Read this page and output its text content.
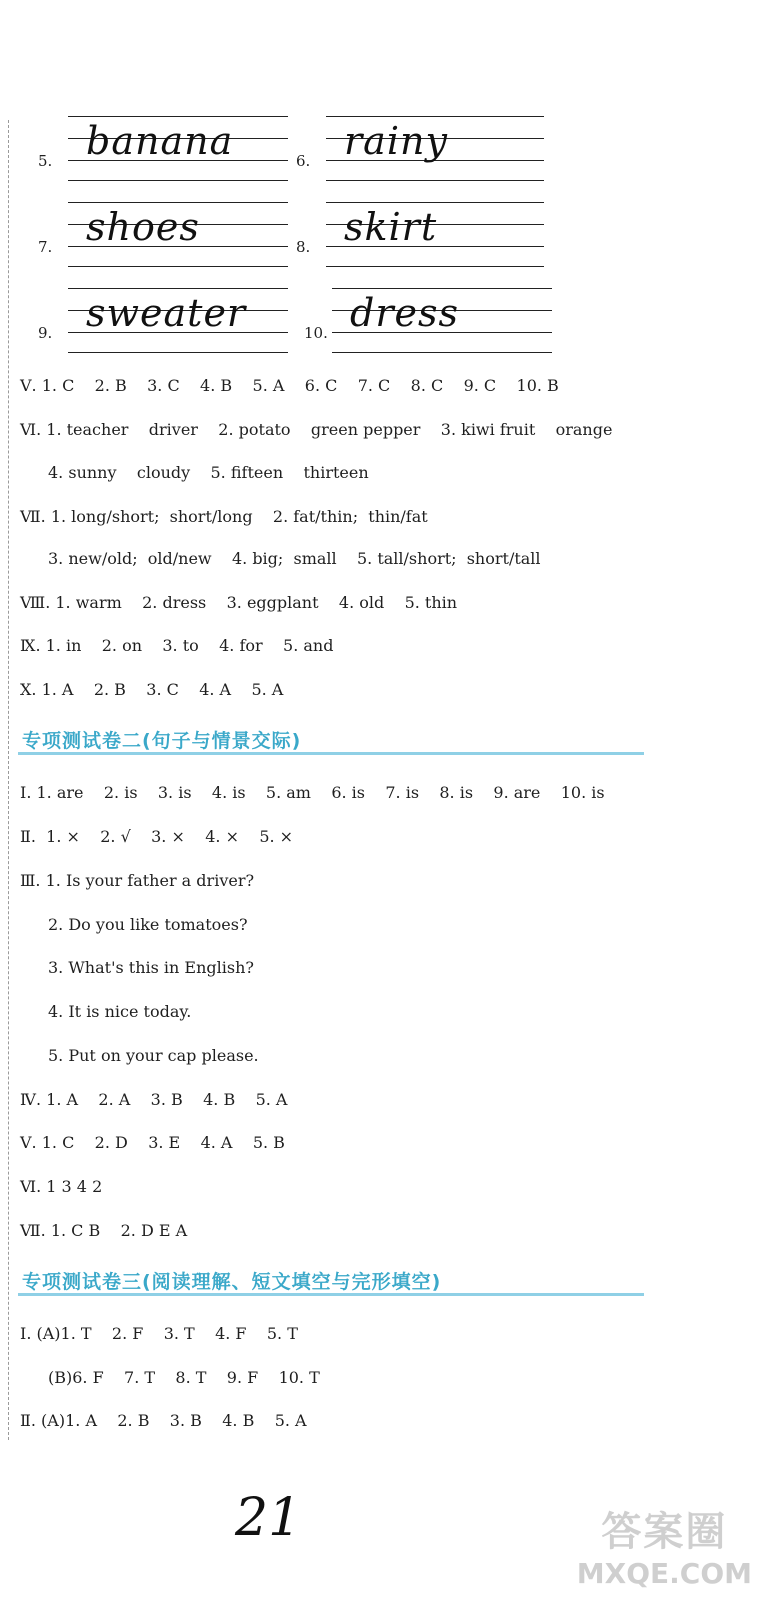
5. banana	6. rainy
7. shoes	8. skirt
9. sweater	10. dress
Ⅴ. 1. C    2. B    3. C    4. B    5. A    6. C    7. C    8. C    9. C    10. B
Ⅵ. 1. teacher    driver    2. potato    green pepper    3. kiwi fruit    orange
4. sunny    cloudy    5. fifteen    thirteen
Ⅶ. 1. long/short;  short/long    2. fat/thin;  thin/fat
3. new/old;  old/new    4. big;  small    5. tall/short;  short/tall
Ⅷ. 1. warm    2. dress    3. eggplant    4. old    5. thin
Ⅸ. 1. in    2. on    3. to    4. for    5. and
Ⅹ. 1. A    2. B    3. C    4. A    5. A
专项测试卷二(句子与情景交际)
Ⅰ. 1. are    2. is    3. is    4. is    5. am    6. is    7. is    8. is    9. are    10. is
Ⅱ.  1. ×    2. √    3. ×    4. ×    5. ×
Ⅲ. 1. Is your father a driver?
2. Do you like tomatoes?
3. What's this in English?
4. It is nice today.
5. Put on your cap please.
Ⅳ. 1. A    2. A    3. B    4. B    5. A
Ⅴ. 1. C    2. D    3. E    4. A    5. B
Ⅵ. 1 3 4 2
Ⅶ. 1. C B    2. D E A
专项测试卷三(阅读理解、短文填空与完形填空)
Ⅰ. (A)1. T    2. F    3. T    4. F    5. T
(B)6. F    7. T    8. T    9. F    10. T
Ⅱ. (A)1. A    2. B    3. B    4. B    5. A
21	答案圈
MXQE.COM
